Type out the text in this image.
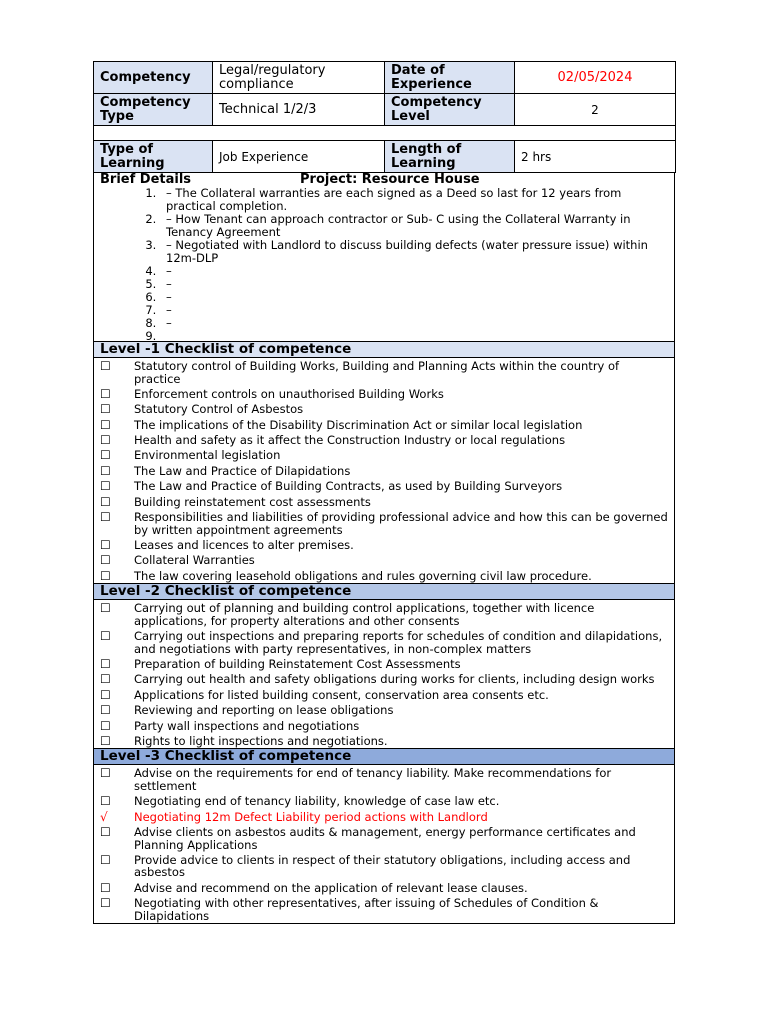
Competency	Legal/regulatory compliance	Date of Experience	02/05/2024
Competency Type	Technical 1/2/3	Competency Level	2

Type of Learning	Job Experience	Length of Learning	2 hrs
Brief Details	Project: Resource House
1. – The Collateral warranties are each signed as a Deed so last for 12 years from practical completion.
2. – How Tenant can approach contractor or Sub- C using the Collateral Warranty in Tenancy Agreement
3. – Negotiated with Landlord to discuss building defects (water pressure issue) within 12m-DLP
4. –
5. –
6. –
7. –
8. –
9.
Level -1 Checklist of competence
☐	Statutory control of Building Works, Building and Planning Acts within the country of practice
☐	Enforcement controls on unauthorised Building Works
☐	Statutory Control of Asbestos
☐	The implications of the Disability Discrimination Act or similar local legislation
☐	Health and safety as it affect the Construction Industry or local regulations
☐	Environmental legislation
☐	The Law and Practice of Dilapidations
☐	The Law and Practice of Building Contracts, as used by Building Surveyors
☐	Building reinstatement cost assessments
☐	Responsibilities and liabilities of providing professional advice and how this can be governed by written appointment agreements
☐	Leases and licences to alter premises.
☐	Collateral Warranties
☐	The law covering leasehold obligations and rules governing civil law procedure.
Level -2 Checklist of competence
☐	Carrying out of planning and building control applications, together with licence applications, for property alterations and other consents
☐	Carrying out inspections and preparing reports for schedules of condition and dilapidations, and negotiations with party representatives, in non-complex matters
☐	Preparation of building Reinstatement Cost Assessments
☐	Carrying out health and safety obligations during works for clients, including design works
☐	Applications for listed building consent, conservation area consents etc.
☐	Reviewing and reporting on lease obligations
☐	Party wall inspections and negotiations
☐	Rights to light inspections and negotiations.
Level -3 Checklist of competence
☐	Advise on the requirements for end of tenancy liability. Make recommendations for settlement
☐	Negotiating end of tenancy liability, knowledge of case law etc.
√	Negotiating 12m Defect Liability period actions with Landlord
☐	Advise clients on asbestos audits & management, energy performance certificates and Planning Applications
☐	Provide advice to clients in respect of their statutory obligations, including access and asbestos
☐	Advise and recommend on the application of relevant lease clauses.
☐	Negotiating with other representatives, after issuing of Schedules of Condition & Dilapidations
